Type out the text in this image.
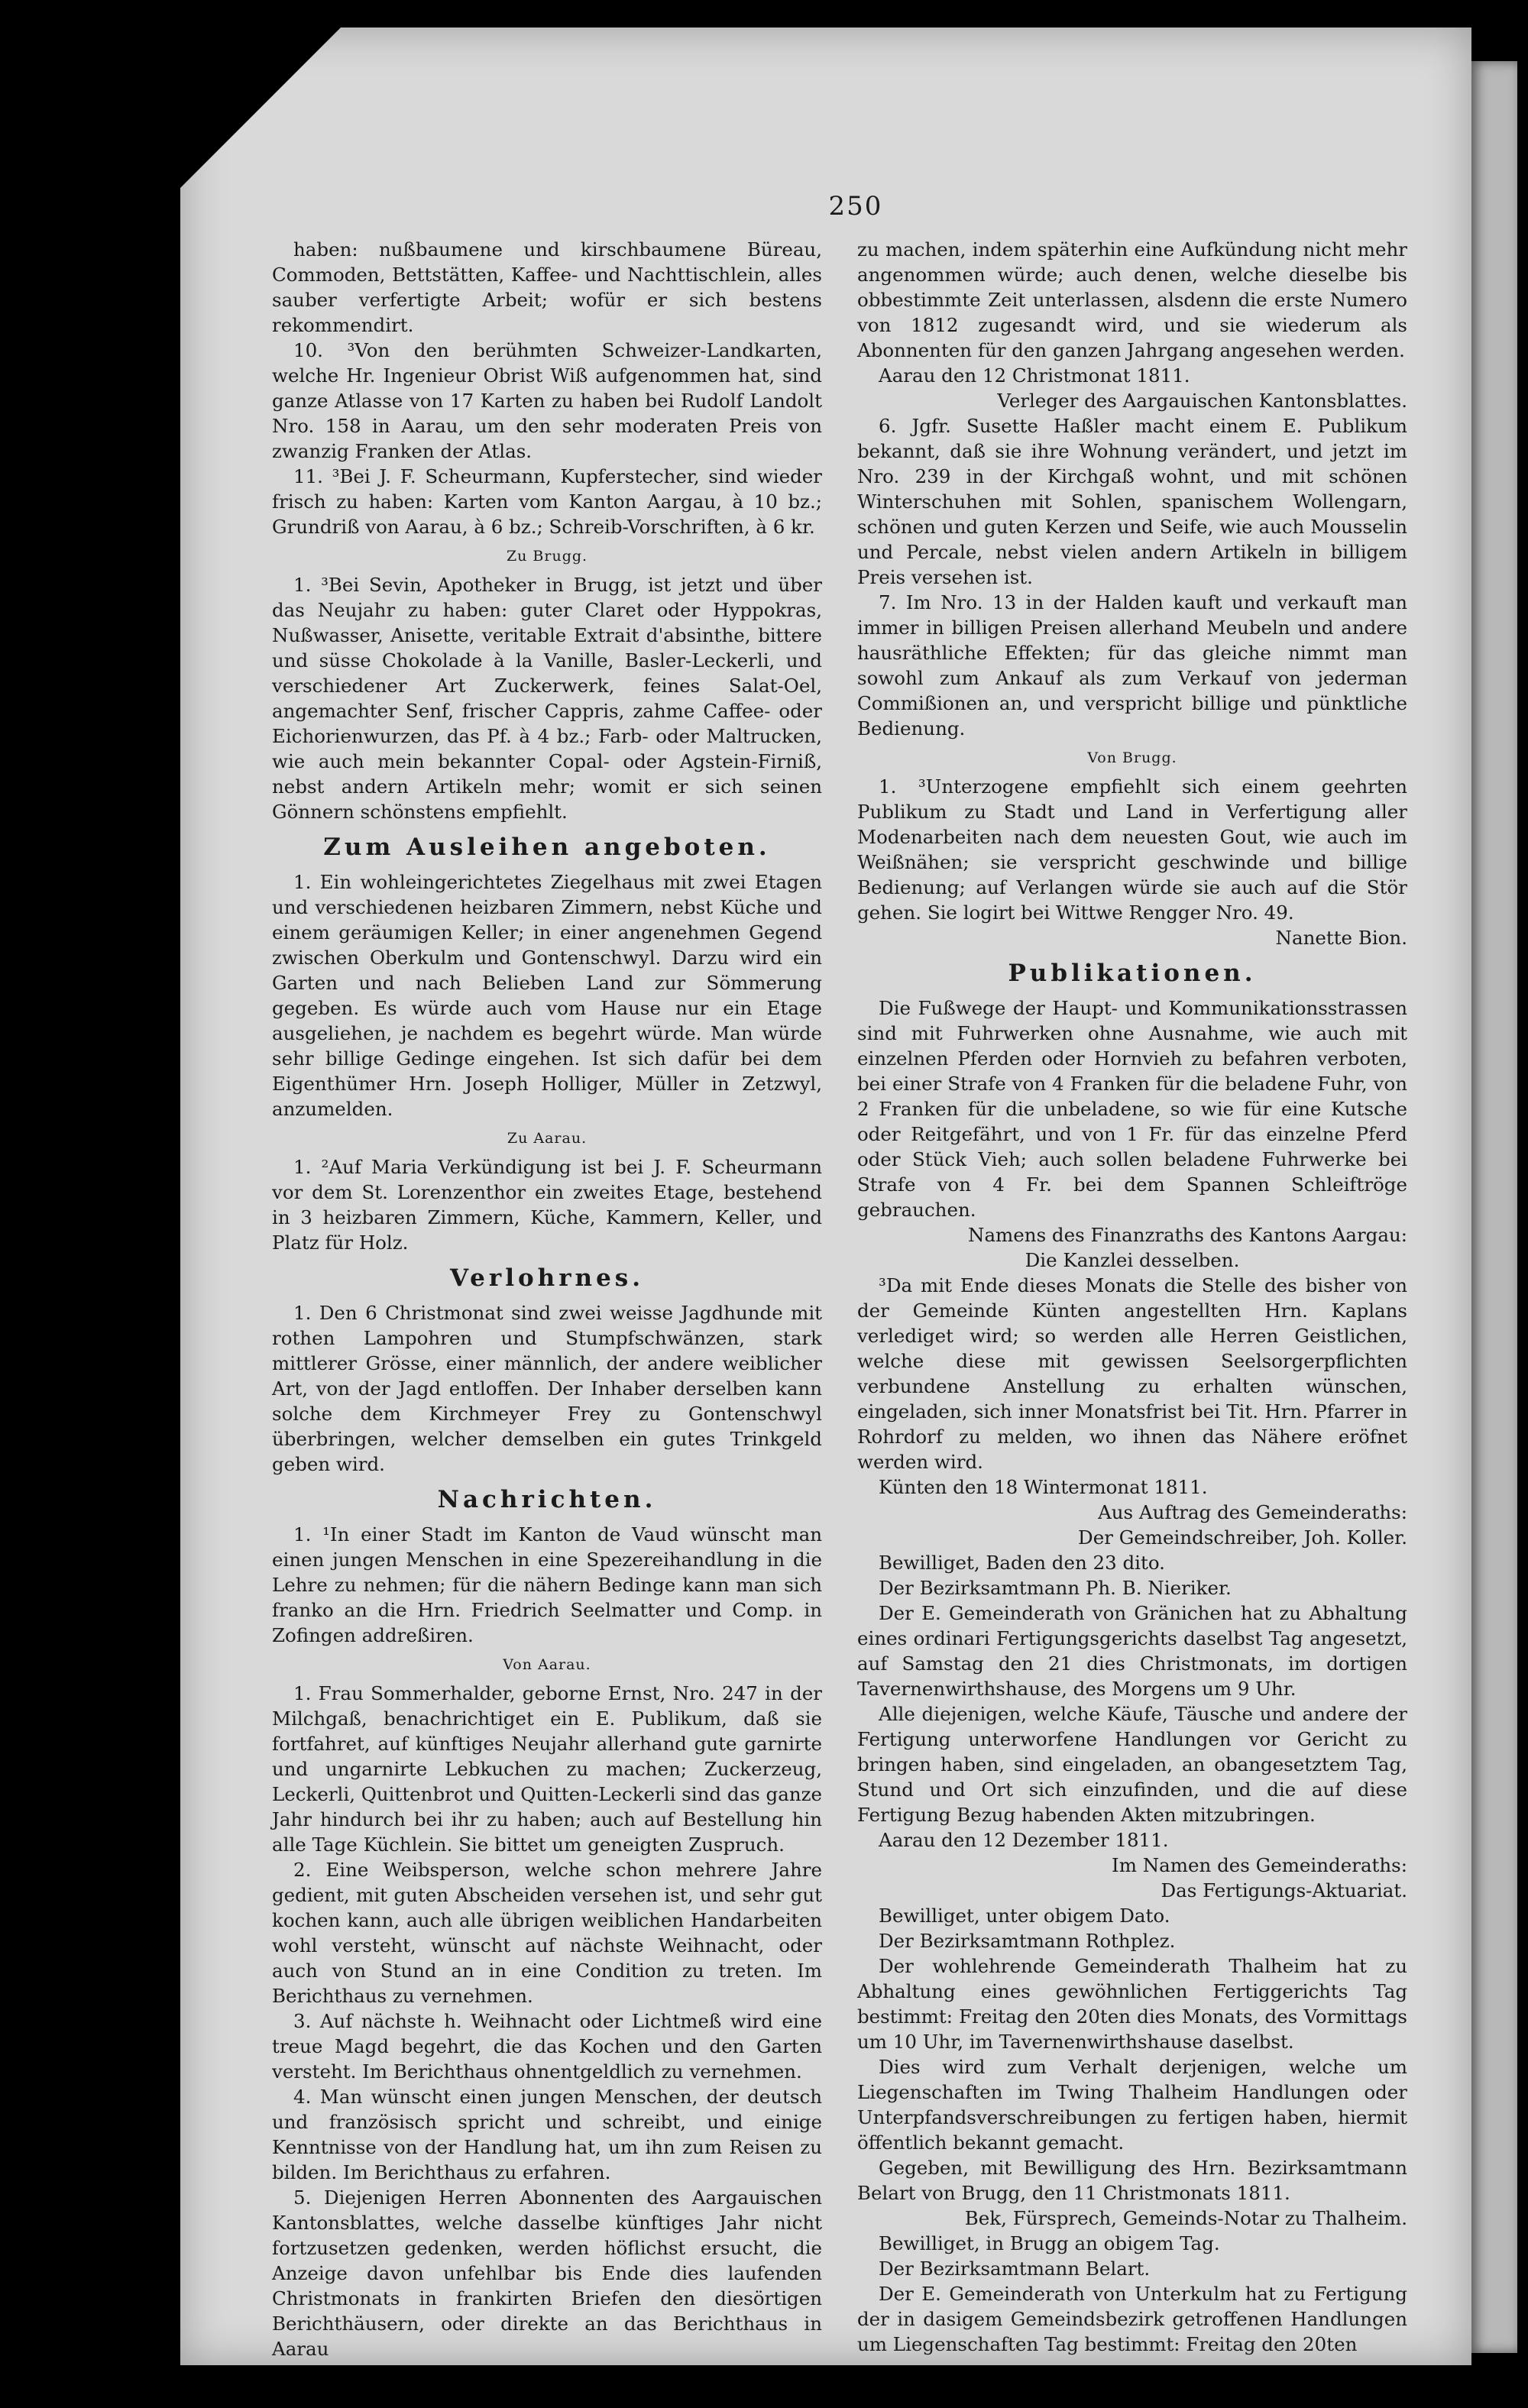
250

haben: nußbaumene und kirschbaumene Büreau, Commoden, Bettstätten, Kaffee- und Nachttischlein, alles sauber verfertigte Arbeit; wofür er sich bestens rekommendirt.

10. ³Von den berühmten Schweizer-Landkarten, welche Hr. Ingenieur Obrist Wiß aufgenommen hat, sind ganze Atlasse von 17 Karten zu haben bei Rudolf Landolt Nro. 158 in Aarau, um den sehr moderaten Preis von zwanzig Franken der Atlas.

11. ³Bei J. F. Scheurmann, Kupferstecher, sind wieder frisch zu haben: Karten vom Kanton Aargau, à 10 bz.; Grundriß von Aarau, à 6 bz.; Schreib-Vorschriften, à 6 kr.

Zu Brugg.

1. ³Bei Sevin, Apotheker in Brugg, ist jetzt und über das Neujahr zu haben: guter Claret oder Hyppokras, Nußwasser, Anisette, veritable Extrait d'absinthe, bittere und süsse Chokolade à la Vanille, Basler-Leckerli, und verschiedener Art Zuckerwerk, feines Salat-Oel, angemachter Senf, frischer Cappris, zahme Caffee- oder Eichorienwurzen, das Pf. à 4 bz.; Farb- oder Maltrucken, wie auch mein bekannter Copal- oder Agstein-Firniß, nebst andern Artikeln mehr; womit er sich seinen Gönnern schönstens empfiehlt.

Zum Ausleihen angeboten.

1. Ein wohleingerichtetes Ziegelhaus mit zwei Etagen und verschiedenen heizbaren Zimmern, nebst Küche und einem geräumigen Keller; in einer angenehmen Gegend zwischen Oberkulm und Gontenschwyl. Darzu wird ein Garten und nach Belieben Land zur Sömmerung gegeben. Es würde auch vom Hause nur ein Etage ausgeliehen, je nachdem es begehrt würde. Man würde sehr billige Gedinge eingehen. Ist sich dafür bei dem Eigenthümer Hrn. Joseph Holliger, Müller in Zetzwyl, anzumelden.

Zu Aarau.

1. ²Auf Maria Verkündigung ist bei J. F. Scheurmann vor dem St. Lorenzenthor ein zweites Etage, bestehend in 3 heizbaren Zimmern, Küche, Kammern, Keller, und Platz für Holz.

Verlohrnes.

1. Den 6 Christmonat sind zwei weisse Jagdhunde mit rothen Lampohren und Stumpfschwänzen, stark mittlerer Grösse, einer männlich, der andere weiblicher Art, von der Jagd entloffen. Der Inhaber derselben kann solche dem Kirchmeyer Frey zu Gontenschwyl überbringen, welcher demselben ein gutes Trinkgeld geben wird.

Nachrichten.

1. ¹In einer Stadt im Kanton de Vaud wünscht man einen jungen Menschen in eine Spezereihandlung in die Lehre zu nehmen; für die nähern Bedinge kann man sich franko an die Hrn. Friedrich Seelmatter und Comp. in Zofingen addreßiren.

Von Aarau.

1. Frau Sommerhalder, geborne Ernst, Nro. 247 in der Milchgaß, benachrichtiget ein E. Publikum, daß sie fortfahret, auf künftiges Neujahr allerhand gute garnirte und ungarnirte Lebkuchen zu machen; Zuckerzeug, Leckerli, Quittenbrot und Quitten-Leckerli sind das ganze Jahr hindurch bei ihr zu haben; auch auf Bestellung hin alle Tage Küchlein. Sie bittet um geneigten Zuspruch.

2. Eine Weibsperson, welche schon mehrere Jahre gedient, mit guten Abscheiden versehen ist, und sehr gut kochen kann, auch alle übrigen weiblichen Handarbeiten wohl versteht, wünscht auf nächste Weihnacht, oder auch von Stund an in eine Condition zu treten. Im Berichthaus zu vernehmen.

3. Auf nächste h. Weihnacht oder Lichtmeß wird eine treue Magd begehrt, die das Kochen und den Garten versteht. Im Berichthaus ohnentgeldlich zu vernehmen.

4. Man wünscht einen jungen Menschen, der deutsch und französisch spricht und schreibt, und einige Kenntnisse von der Handlung hat, um ihn zum Reisen zu bilden. Im Berichthaus zu erfahren.

5. Diejenigen Herren Abonnenten des Aargauischen Kantonsblattes, welche dasselbe künftiges Jahr nicht fortzusetzen gedenken, werden höflichst ersucht, die Anzeige davon unfehlbar bis Ende dies laufenden Christmonats in frankirten Briefen den diesörtigen Berichthäusern, oder direkte an das Berichthaus in Aarau

zu machen, indem späterhin eine Aufkündung nicht mehr angenommen würde; auch denen, welche dieselbe bis obbestimmte Zeit unterlassen, alsdenn die erste Numero von 1812 zugesandt wird, und sie wiederum als Abonnenten für den ganzen Jahrgang angesehen werden.

Aarau den 12 Christmonat 1811.

Verleger des Aargauischen Kantonsblattes.

6. Jgfr. Susette Haßler macht einem E. Publikum bekannt, daß sie ihre Wohnung verändert, und jetzt im Nro. 239 in der Kirchgaß wohnt, und mit schönen Winterschuhen mit Sohlen, spanischem Wollengarn, schönen und guten Kerzen und Seife, wie auch Mousselin und Percale, nebst vielen andern Artikeln in billigem Preis versehen ist.

7. Im Nro. 13 in der Halden kauft und verkauft man immer in billigen Preisen allerhand Meubeln und andere hausräthliche Effekten; für das gleiche nimmt man sowohl zum Ankauf als zum Verkauf von jederman Commißionen an, und verspricht billige und pünktliche Bedienung.

Von Brugg.

1. ³Unterzogene empfiehlt sich einem geehrten Publikum zu Stadt und Land in Verfertigung aller Modenarbeiten nach dem neuesten Gout, wie auch im Weißnähen; sie verspricht geschwinde und billige Bedienung; auf Verlangen würde sie auch auf die Stör gehen. Sie logirt bei Wittwe Rengger Nro. 49.

Nanette Bion.

Publikationen.

Die Fußwege der Haupt- und Kommunikationsstrassen sind mit Fuhrwerken ohne Ausnahme, wie auch mit einzelnen Pferden oder Hornvieh zu befahren verboten, bei einer Strafe von 4 Franken für die beladene Fuhr, von 2 Franken für die unbeladene, so wie für eine Kutsche oder Reitgefährt, und von 1 Fr. für das einzelne Pferd oder Stück Vieh; auch sollen beladene Fuhrwerke bei Strafe von 4 Fr. bei dem Spannen Schleiftröge gebrauchen.

Namens des Finanzraths des Kantons Aargau:

Die Kanzlei desselben.

³Da mit Ende dieses Monats die Stelle des bisher von der Gemeinde Künten angestellten Hrn. Kaplans verlediget wird; so werden alle Herren Geistlichen, welche diese mit gewissen Seelsorgerpflichten verbundene Anstellung zu erhalten wünschen, eingeladen, sich inner Monatsfrist bei Tit. Hrn. Pfarrer in Rohrdorf zu melden, wo ihnen das Nähere eröfnet werden wird.

Künten den 18 Wintermonat 1811.

Aus Auftrag des Gemeinderaths:

Der Gemeindschreiber, Joh. Koller.

Bewilliget, Baden den 23 dito.

Der Bezirksamtmann Ph. B. Nieriker.

Der E. Gemeinderath von Gränichen hat zu Abhaltung eines ordinari Fertigungsgerichts daselbst Tag angesetzt, auf Samstag den 21 dies Christmonats, im dortigen Tavernenwirthshause, des Morgens um 9 Uhr.

Alle diejenigen, welche Käufe, Täusche und andere der Fertigung unterworfene Handlungen vor Gericht zu bringen haben, sind eingeladen, an obangesetztem Tag, Stund und Ort sich einzufinden, und die auf diese Fertigung Bezug habenden Akten mitzubringen.

Aarau den 12 Dezember 1811.

Im Namen des Gemeinderaths:

Das Fertigungs-Aktuariat.

Bewilliget, unter obigem Dato.

Der Bezirksamtmann Rothplez.

Der wohlehrende Gemeinderath Thalheim hat zu Abhaltung eines gewöhnlichen Fertiggerichts Tag bestimmt: Freitag den 20ten dies Monats, des Vormittags um 10 Uhr, im Tavernenwirthshause daselbst.

Dies wird zum Verhalt derjenigen, welche um Liegenschaften im Twing Thalheim Handlungen oder Unterpfandsverschreibungen zu fertigen haben, hiermit öffentlich bekannt gemacht.

Gegeben, mit Bewilligung des Hrn. Bezirksamtmann Belart von Brugg, den 11 Christmonats 1811.

Bek, Fürsprech, Gemeinds-Notar zu Thalheim.

Bewilliget, in Brugg an obigem Tag.

Der Bezirksamtmann Belart.

Der E. Gemeinderath von Unterkulm hat zu Fertigung der in dasigem Gemeindsbezirk getroffenen Handlungen um Liegenschaften Tag bestimmt: Freitag den 20ten
